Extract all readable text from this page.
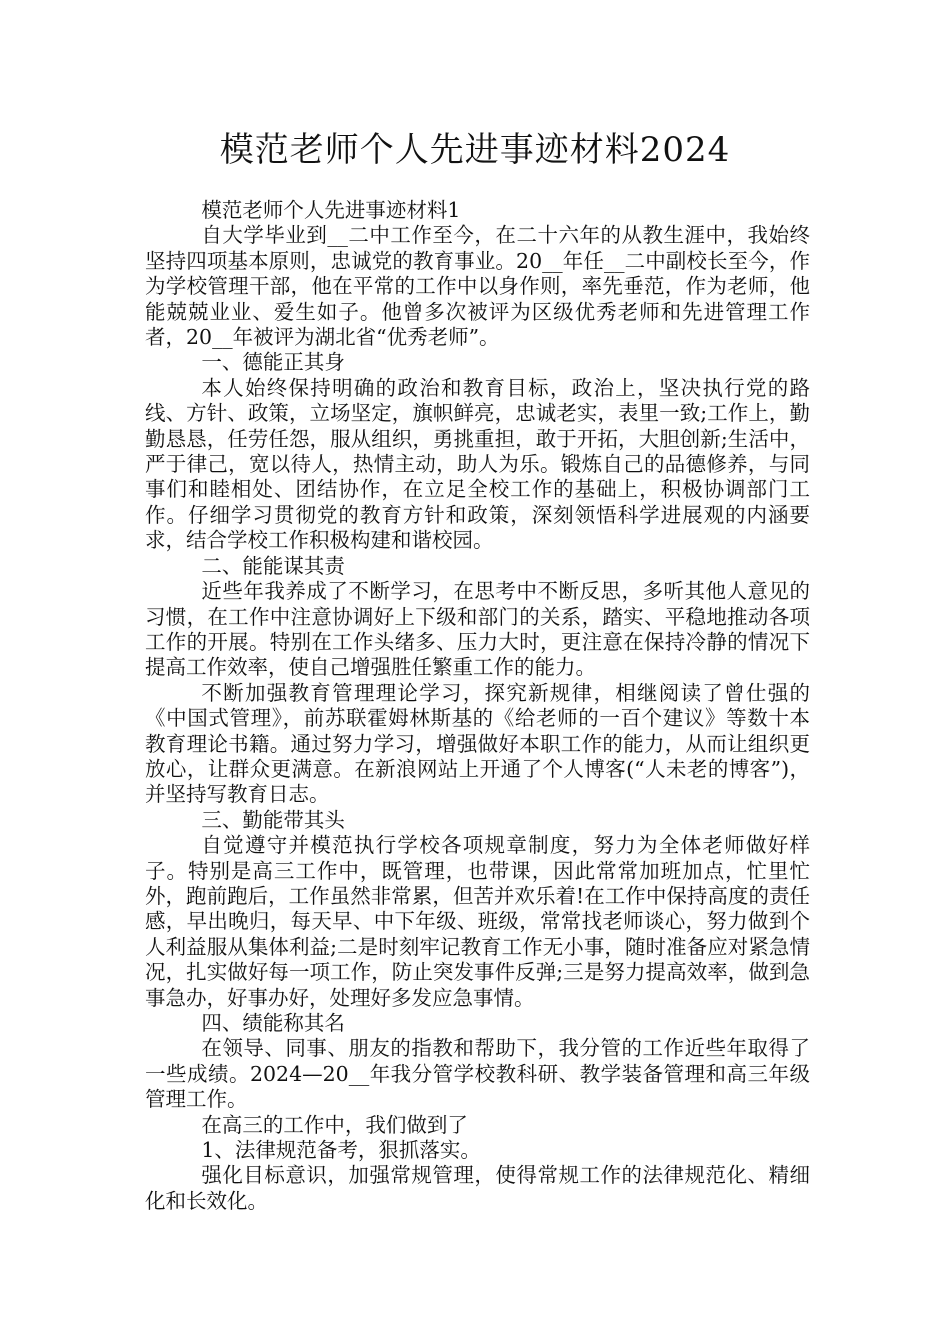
模范老师个人先进事迹材料2024

模范老师个人先进事迹材料1

自大学毕业到__二中工作至今，在二十六年的从教生涯中，我始终坚持四项基本原则，忠诚党的教育事业。20__年任__二中副校长至今，作为学校管理干部，他在平常的工作中以身作则，率先垂范，作为老师，他能兢兢业业、爱生如子。他曾多次被评为区级优秀老师和先进管理工作者，20__年被评为湖北省“优秀老师”。

一、德能正其身

本人始终保持明确的政治和教育目标，政治上，坚决执行党的路线、方针、政策，立场坚定，旗帜鲜亮，忠诚老实，表里一致;工作上，勤勤恳恳，任劳任怨，服从组织，勇挑重担，敢于开拓，大胆创新;生活中，严于律己，宽以待人，热情主动，助人为乐。锻炼自己的品德修养，与同事们和睦相处、团结协作，在立足全校工作的基础上，积极协调部门工作。仔细学习贯彻党的教育方针和政策，深刻领悟科学进展观的内涵要求，结合学校工作积极构建和谐校园。

二、能能谋其责

近些年我养成了不断学习，在思考中不断反思，多听其他人意见的习惯，在工作中注意协调好上下级和部门的关系，踏实、平稳地推动各项工作的开展。特别在工作头绪多、压力大时，更注意在保持冷静的情况下提高工作效率，使自己增强胜任繁重工作的能力。

不断加强教育管理理论学习，探究新规律，相继阅读了曾仕强的《中国式管理》，前苏联霍姆林斯基的《给老师的一百个建议》等数十本教育理论书籍。通过努力学习，增强做好本职工作的能力，从而让组织更放心，让群众更满意。在新浪网站上开通了个人博客(“人未老的博客”)，并坚持写教育日志。

三、勤能带其头

自觉遵守并模范执行学校各项规章制度，努力为全体老师做好样子。特别是高三工作中，既管理，也带课，因此常常加班加点，忙里忙外，跑前跑后，工作虽然非常累，但苦并欢乐着!在工作中保持高度的责任感，早出晚归，每天早、中下年级、班级，常常找老师谈心，努力做到个人利益服从集体利益;二是时刻牢记教育工作无小事，随时准备应对紧急情况，扎实做好每一项工作，防止突发事件反弹;三是努力提高效率，做到急事急办，好事办好，处理好多发应急事情。

四、绩能称其名

在领导、同事、朋友的指教和帮助下，我分管的工作近些年取得了一些成绩。2024—20__年我分管学校教科研、教学装备管理和高三年级管理工作。

在高三的工作中，我们做到了

1、法律规范备考，狠抓落实。

强化目标意识，加强常规管理，使得常规工作的法律规范化、精细化和长效化。
